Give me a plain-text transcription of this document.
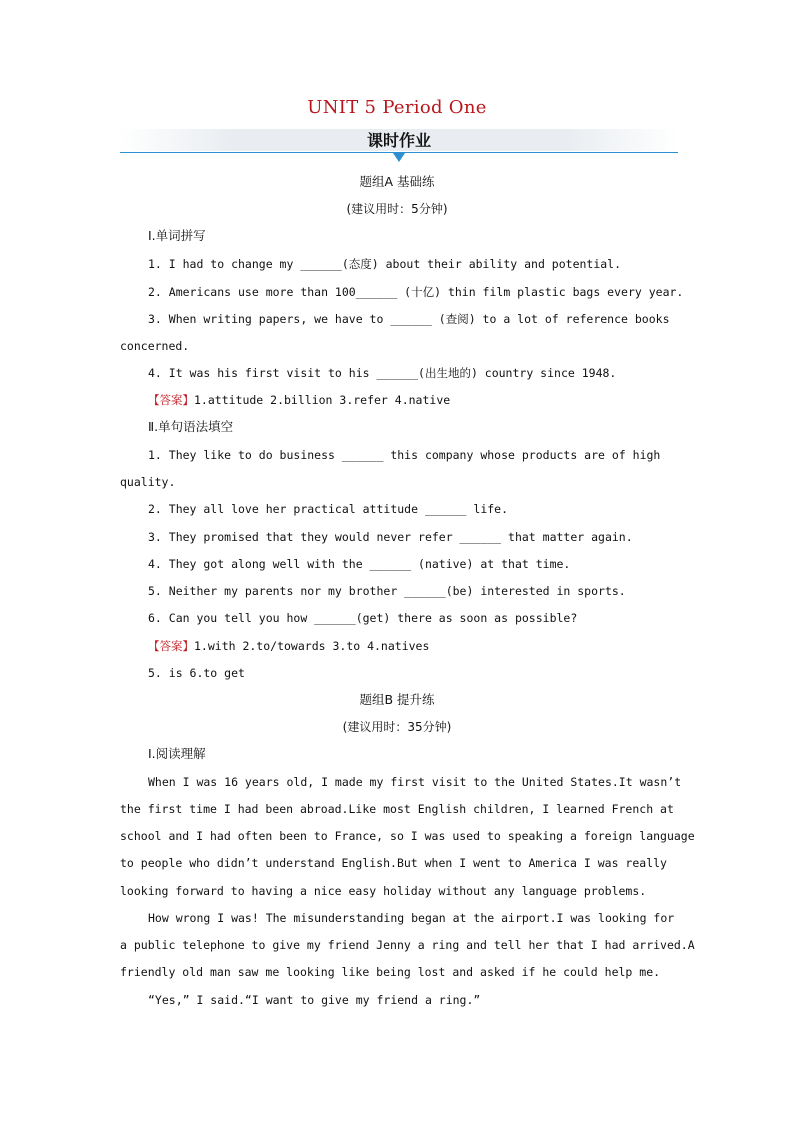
UNIT 5 Period One
课时作业
题组A 基础练
(建议用时：5分钟)
Ⅰ.单词拼写
1. I had to change my ______(态度) about their ability and potential.
2. Americans use more than 100______ (十亿) thin film plastic bags every year.
3. When writing papers, we have to ______ (查阅) to a lot of reference books
concerned.
4. It was his first visit to his ______(出生地的) country since 1948.
【答案】1.attitude 2.billion 3.refer 4.native
Ⅱ.单句语法填空
1. They like to do business ______ this company whose products are of high
quality.
2. They all love her practical attitude ______ life.
3. They promised that they would never refer ______ that matter again.
4. They got along well with the ______ (native) at that time.
5. Neither my parents nor my brother ______(be) interested in sports.
6. Can you tell you how ______(get) there as soon as possible?
【答案】1.with 2.to/towards 3.to 4.natives
5. is 6.to get
题组B 提升练
(建议用时：35分钟)
Ⅰ.阅读理解
When I was 16 years old, I made my first visit to the United States.It wasn’t
the first time I had been abroad.Like most English children, I learned French at
school and I had often been to France, so I was used to speaking a foreign language
to people who didn’t understand English.But when I went to America I was really
looking forward to having a nice easy holiday without any language problems.
How wrong I was! The misunderstanding began at the airport.I was looking for
a public telephone to give my friend Jenny a ring and tell her that I had arrived.A
friendly old man saw me looking like being lost and asked if he could help me.
“Yes,” I said.“I want to give my friend a ring.”
